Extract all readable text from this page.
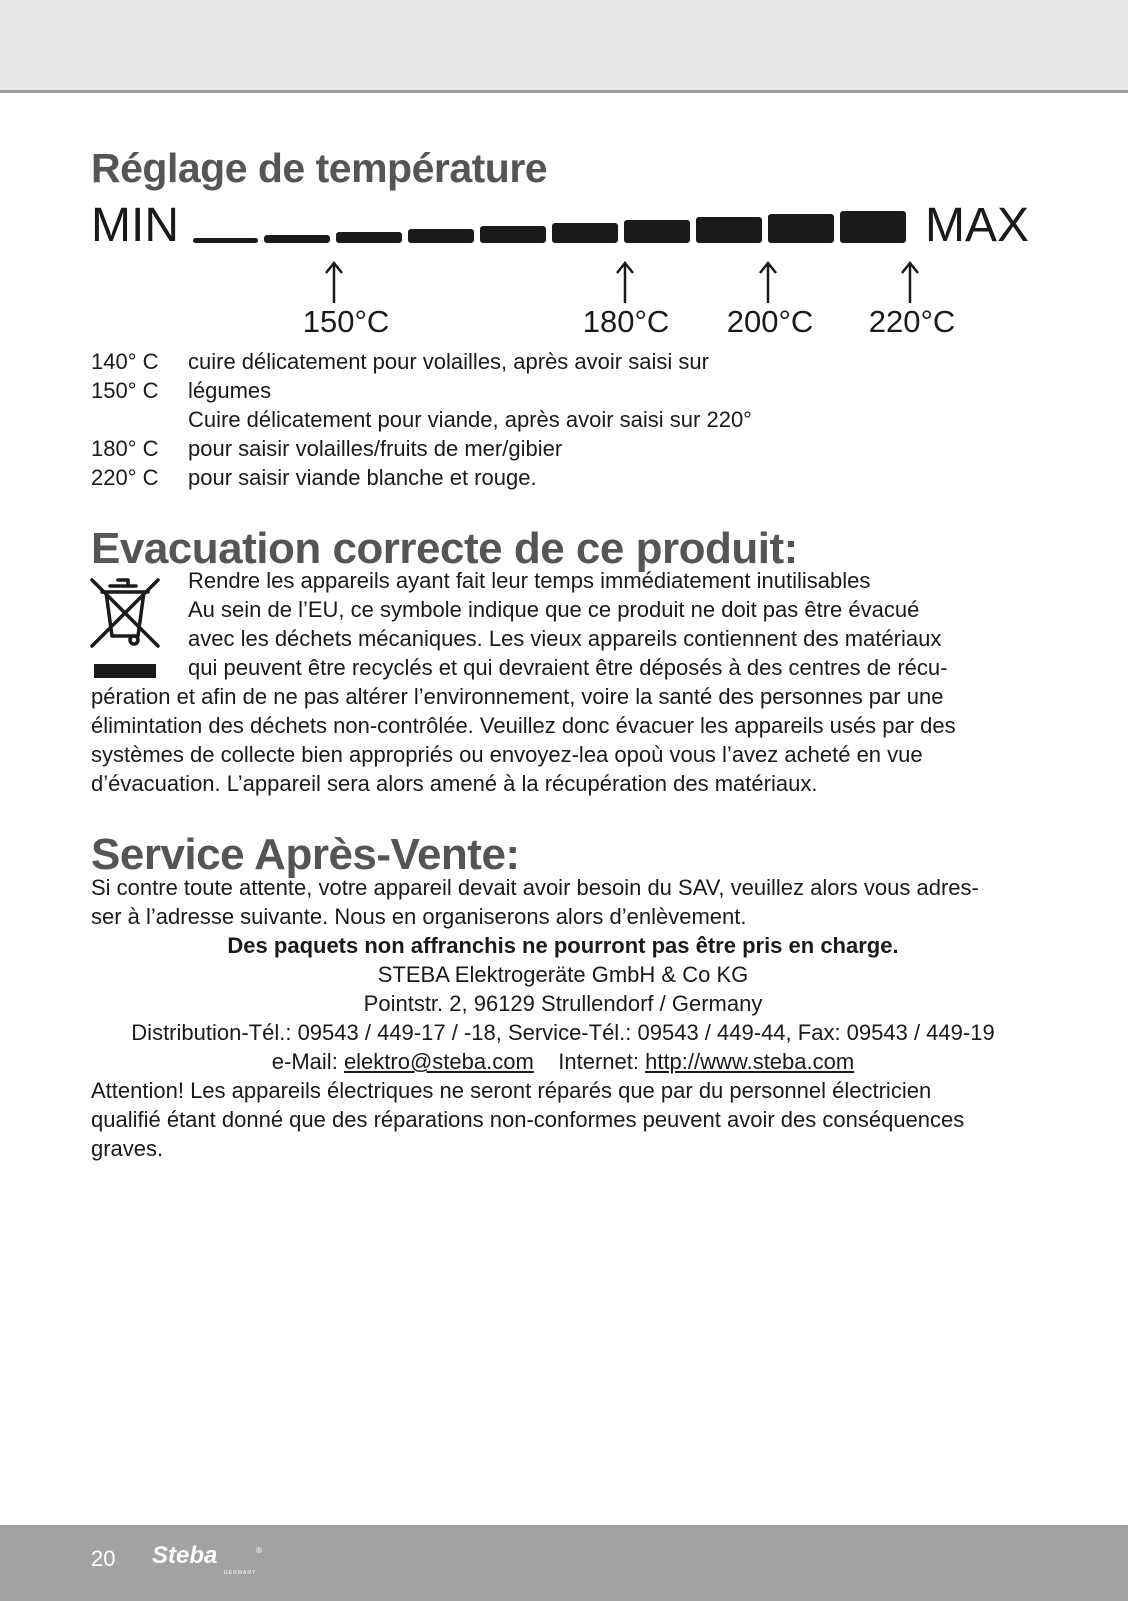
Réglage de température
MIN	MAX
150°C	180°C	200°C	220°C
140° C cuire délicatement pour volailles, après avoir saisi sur
150° C légumes
Cuire délicatement pour viande, après avoir saisi sur 220°
180° C pour saisir volailles/fruits de mer/gibier
220° C pour saisir viande blanche et rouge.
Evacuation correcte de ce produit:
Rendre les appareils ayant fait leur temps immédiatement inutilisables
Au sein de l’EU, ce symbole indique que ce produit ne doit pas être évacué
avec les déchets mécaniques. Les vieux appareils contiennent des matériaux
qui peuvent être recyclés et qui devraient être déposés à des centres de récu-
pération et afin de ne pas altérer l’environnement, voire la santé des personnes par une
élimintation des déchets non-contrôlée. Veuillez donc évacuer les appareils usés par des
systèmes de collecte bien appropriés ou envoyez-lea opoù vous l’avez acheté en vue
d’évacuation. L’appareil sera alors amené à la récupération des matériaux.
Service Après-Vente:
Si contre toute attente, votre appareil devait avoir besoin du SAV, veuillez alors vous adres-
ser à l’adresse suivante. Nous en organiserons alors d’enlèvement.
Des paquets non affranchis ne pourront pas être pris en charge.
STEBA Elektrogeräte GmbH & Co KG
Pointstr. 2, 96129 Strullendorf / Germany
Distribution-Tél.: 09543 / 449-17 / -18, Service-Tél.: 09543 / 449-44, Fax: 09543 / 449-19
e-Mail: elektro@steba.com Internet: http://www.steba.com
Attention! Les appareils électriques ne seront réparés que par du personnel électricien
qualifié étant donné que des réparations non-conformes peuvent avoir des conséquences
graves.
20 Steba
GERMANY
®
